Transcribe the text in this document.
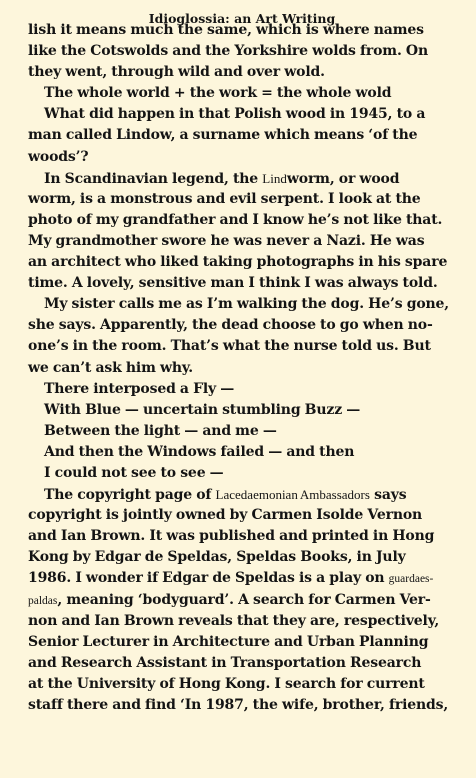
Idioglossia: an Art Writing
lish it means much the same, which is where names
like the Cotswolds and the Yorkshire wolds from. On
they went, through wild and over wold.
The whole world + the work = the whole wold
What did happen in that Polish wood in 1945, to a
man called Lindow, a surname which means ‘of the
woods’?
In Scandinavian legend, the Lindworm, or wood
worm, is a monstrous and evil serpent. I look at the
photo of my grandfather and I know he’s not like that.
My grandmother swore he was never a Nazi. He was
an architect who liked taking photographs in his spare
time. A lovely, sensitive man I think I was always told.
My sister calls me as I’m walking the dog. He’s gone,
she says. Apparently, the dead choose to go when no-
one’s in the room. That’s what the nurse told us. But
we can’t ask him why.
There interposed a Fly —
With Blue — uncertain stumbling Buzz —
Between the light — and me —
And then the Windows failed — and then
I could not see to see —
The copyright page of Lacedaemonian Ambassadors says
copyright is jointly owned by Carmen Isolde Vernon
and Ian Brown. It was published and printed in Hong
Kong by Edgar de Speldas, Speldas Books, in July
1986. I wonder if Edgar de Speldas is a play on guardaes-
paldas, meaning ‘bodyguard’. A search for Carmen Ver-
non and Ian Brown reveals that they are, respectively,
Senior Lecturer in Architecture and Urban Planning
and Research Assistant in Transportation Research
at the University of Hong Kong. I search for current
staff there and find ‘In 1987, the wife, brother, friends,
